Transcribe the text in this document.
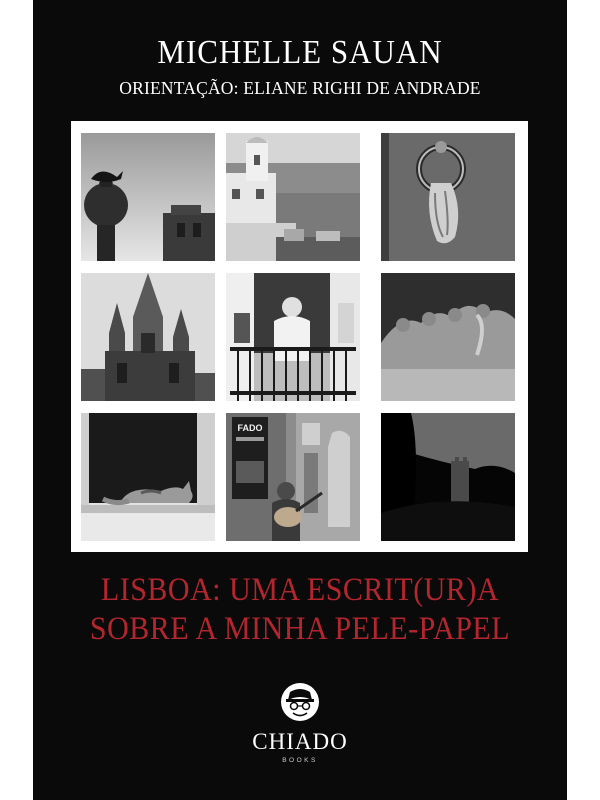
MICHELLE SAUAN
ORIENTAÇÃO: ELIANE RIGHI DE ANDRADE
FADO
LISBOA: UMA ESCRIT(UR)A
SOBRE A MINHA PELE-PAPEL
CHIADO
BOOKS
